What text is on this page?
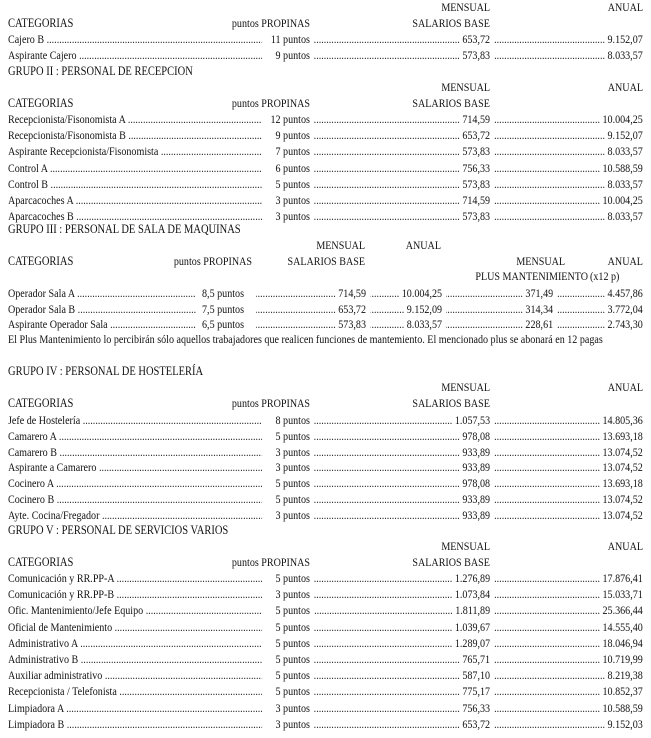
MENSUAL	ANUAL
CATEGORIAS	puntos PROPINAS	SALARIOS BASE
Cajero B .....	11 puntos	653,72 .....	9.152,07 .....
Aspirante Cajero .....	9 puntos	573,83 .....	8.033,57 .....
GRUPO II : PERSONAL DE RECEPCION
MENSUAL	ANUAL
CATEGORIAS	puntos PROPINAS	SALARIOS BASE
Recepcionista/Fisonomista A .....	12 puntos	714,59 .....	10.004,25 .....
Recepcionista/Fisonomista B .....	9 puntos	653,72 .....	9.152,07 .....
Aspirante Recepcionista/Fisonomista .....	7 puntos	573,83 .....	8.033,57 .....
Control A .....	6 puntos	756,33 .....	10.588,59 .....
Control B .....	5 puntos	573,83 .....	8.033,57 .....
Aparcacoches A .....	3 puntos	714,59 .....	10.004,25 .....
Aparcacoches B .....	3 puntos	573,83 .....	8.033,57 .....
GRUPO III : PERSONAL DE SALA DE MAQUINAS
MENSUAL	ANUAL
CATEGORIAS	puntos PROPINAS	SALARIOS BASE	MENSUAL	ANUAL
PLUS MANTENIMIENTO (x12 p)
Operador Sala A .....	8,5 puntos	714,59 .....	10.004,25 .....	371,49 .....	4.457,86 .....
Operador Sala B .....	7,5 puntos	653,72 .....	9.152,09 .....	314,34 .....	3.772,04 .....
Aspirante Operador Sala .....	6,5 puntos	573,83 .....	8.033,57 .....	228,61 .....	2.743,30 .....
El Plus Mantenimiento lo percibirán sólo aquellos trabajadores que realicen funciones de mantemiento. El mencionado plus se abonará en 12 pagas
GRUPO IV : PERSONAL DE HOSTELERÍA
MENSUAL	ANUAL
CATEGORIAS	puntos PROPINAS	SALARIOS BASE
Jefe de Hostelería .....	8 puntos	1.057,53 .....	14.805,36 .....
Camarero A .....	5 puntos	978,08 .....	13.693,18 .....
Camarero B .....	3 puntos	933,89 .....	13.074,52 .....
Aspirante a Camarero .....	3 puntos	933,89 .....	13.074,52 .....
Cocinero A .....	5 puntos	978,08 .....	13.693,18 .....
Cocinero B .....	5 puntos	933,89 .....	13.074,52 .....
Ayte. Cocina/Fregador .....	3 puntos	933,89 .....	13.074,52 .....
GRUPO V : PERSONAL DE SERVICIOS VARIOS
MENSUAL	ANUAL
CATEGORIAS	puntos PROPINAS	SALARIOS BASE
Comunicación y RR.PP-A .....	5 puntos	1.276,89 .....	17.876,41 .....
Comunicación y RR.PP-B .....	3 puntos	1.073,84 .....	15.033,71 .....
Ofic. Mantenimiento/Jefe Equipo .....	5 puntos	1.811,89 .....	25.366,44 .....
Oficial de Mantenimiento .....	5 puntos	1.039,67 .....	14.555,40 .....
Administrativo A .....	5 puntos	1.289,07 .....	18.046,94 .....
Administrativo B .....	5 puntos	765,71 .....	10.719,99 .....
Auxiliar administrativo .....	5 puntos	587,10 .....	8.219,38 .....
Recepcionista / Telefonista .....	5 puntos	775,17 .....	10.852,37 .....
Limpiadora A .....	3 puntos	756,33 .....	10.588,59 .....
Limpiadora B .....	3 puntos	653,72 .....	9.152,03 .....
